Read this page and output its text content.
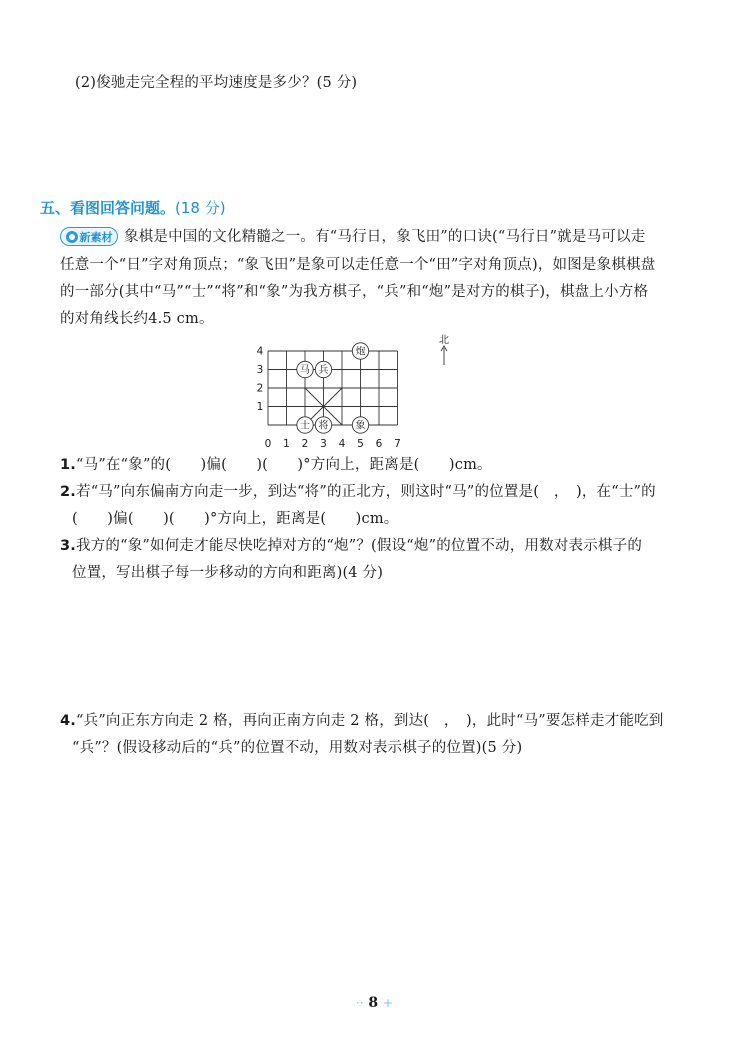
(2)俊驰走完全程的平均速度是多少？(5 分)
五、看图回答问题。(18 分)
新素材 象棋是中国的文化精髓之一。有“马行日，象飞田”的口诀(“马行日”就是马可以走
任意一个“日”字对角顶点；“象飞田”是象可以走任意一个“田”字对角顶点)，如图是象棋棋盘
的一部分(其中“马”“士”“将”和“象”为我方棋子，“兵”和“炮”是对方的棋子)，棋盘上小方格
的对角线长约4.5 cm。
0 1 2 3 4 5 6 7
1
2
3
4
马 兵
炮
士 将	象
北
1.“马”在“象”的(　　)偏(　　)(　　)°方向上，距离是(　　)cm。
2.若“马”向东偏南方向走一步，到达“将”的正北方，则这时“马”的位置是(　，　)，在“士”的
(　　)偏(　　)(　　)°方向上，距离是(　　)cm。
3.我方的“象”如何走才能尽快吃掉对方的“炮”？(假设“炮”的位置不动，用数对表示棋子的
位置，写出棋子每一步移动的方向和距离)(4 分)
4.“兵”向正东方向走 2 格，再向正南方向走 2 格，到达(　，　)，此时“马”要怎样走才能吃到
“兵”？(假设移动后的“兵”的位置不动，用数对表示棋子的位置)(5 分)
·· 8 +
